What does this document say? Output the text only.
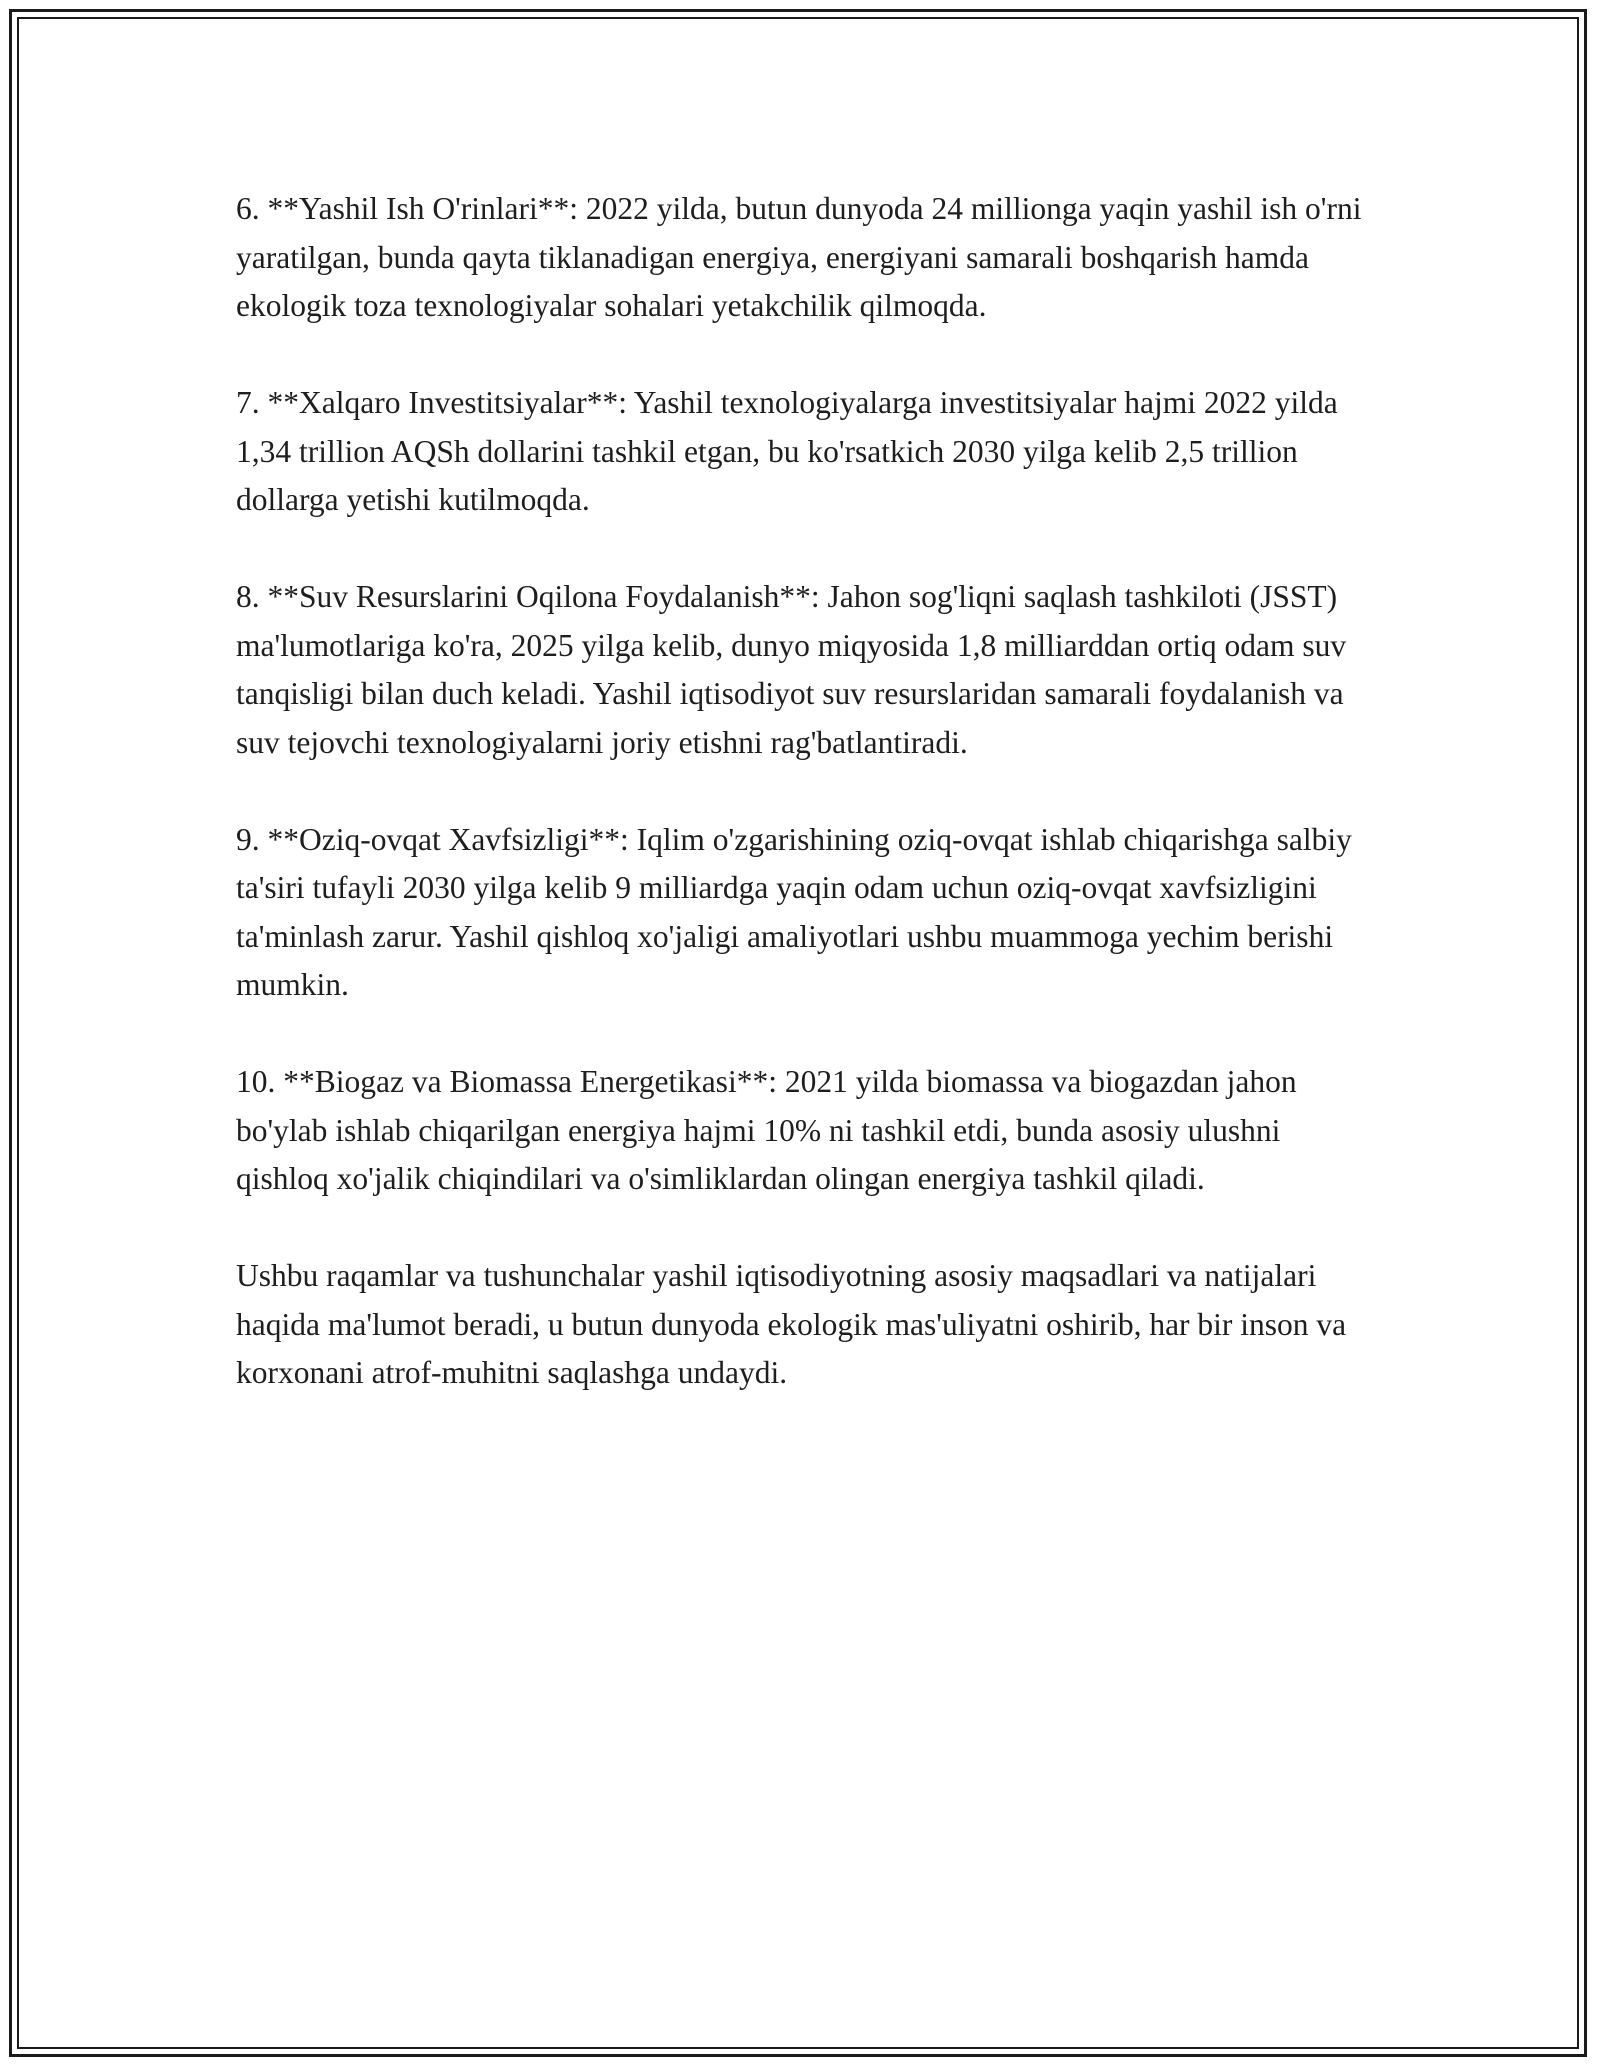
6. **Yashil Ish O'rinlari**: 2022 yilda, butun dunyoda 24 millionga yaqin yashil ish o'rni yaratilgan, bunda qayta tiklanadigan energiya, energiyani samarali boshqarish hamda ekologik toza texnologiyalar sohalari yetakchilik qilmoqda.

7. **Xalqaro Investitsiyalar**: Yashil texnologiyalarga investitsiyalar hajmi 2022 yilda 1,34 trillion AQSh dollarini tashkil etgan, bu ko'rsatkich 2030 yilga kelib 2,5 trillion dollarga yetishi kutilmoqda.

8. **Suv Resurslarini Oqilona Foydalanish**: Jahon sog'liqni saqlash tashkiloti (JSST) ma'lumotlariga ko'ra, 2025 yilga kelib, dunyo miqyosida 1,8 milliarddan ortiq odam suv tanqisligi bilan duch keladi. Yashil iqtisodiyot suv resurslaridan samarali foydalanish va suv tejovchi texnologiyalarni joriy etishni rag'batlantiradi.

9. **Oziq-ovqat Xavfsizligi**: Iqlim o'zgarishining oziq-ovqat ishlab chiqarishga salbiy ta'siri tufayli 2030 yilga kelib 9 milliardga yaqin odam uchun oziq-ovqat xavfsizligini ta'minlash zarur. Yashil qishloq xo'jaligi amaliyotlari ushbu muammoga yechim berishi mumkin.

10. **Biogaz va Biomassa Energetikasi**: 2021 yilda biomassa va biogazdan jahon bo'ylab ishlab chiqarilgan energiya hajmi 10% ni tashkil etdi, bunda asosiy ulushni qishloq xo'jalik chiqindilari va o'simliklardan olingan energiya tashkil qiladi.

Ushbu raqamlar va tushunchalar yashil iqtisodiyotning asosiy maqsadlari va natijalari haqida ma'lumot beradi, u butun dunyoda ekologik mas'uliyatni oshirib, har bir inson va korxonani atrof-muhitni saqlashga undaydi.
